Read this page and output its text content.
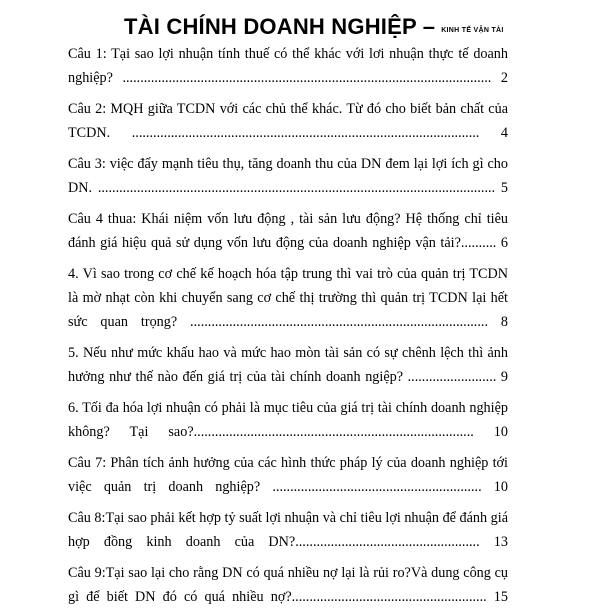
TÀI CHÍNH DOANH NGHIỆP – $^{KINH TẾ VẬN TẢI}$
Câu 1: Tại sao lợi nhuận tính thuế có thể khác với lơi nhuận thực tế doanh nghiệp? ........................................................................................................ 2
Câu 2: MQH giữa TCDN với các chủ thể khác. Từ đó cho biết bản chất của TCDN. .................................................................................................. 4
Câu 3: việc đẩy mạnh tiêu thụ, tăng doanh thu của DN đem lại lợi ích gì cho DN. ................................................................................................................ 5
Câu 4 thua: Khái niệm vốn lưu động , tài sản lưu động? Hệ thống chỉ tiêu đánh giá hiệu quả sử dụng vốn lưu động của doanh nghiệp vận tải?.......... 6
4. Vì sao trong cơ chế kế hoạch hóa tập trung thì vai trò của quản trị TCDN là mờ nhạt còn khi chuyển sang cơ chế thị trường thì quản trị TCDN lại hết sức quan trọng? .................................................................................... 8
5. Nếu như mức khấu hao và mức hao mòn tài sản có sự chênh lệch thì ảnh hưởng như thế nào đến giá trị của tài chính doanh ngiệp? ......................... 9
6. Tối đa hóa lợi nhuận có phải là mục tiêu của giá trị tài chính doanh nghiệp không? Tại sao?............................................................................... 10
Câu 7: Phân tích ảnh hưởng của các hình thức pháp lý của doanh nghiệp tới việc quản trị doanh nghiệp? ........................................................... 10
Câu 8:Tại sao phải kết hợp tỷ suất lợi nhuận và chỉ tiêu lợi nhuận để đánh giá hợp đồng kinh doanh của DN?.................................................... 13
Câu 9:Tại sao lại cho rằng DN có quá nhiều nợ lại là rủi ro?Và dung công cụ gì để biết DN đó có quá nhiều nợ?....................................................... 15
